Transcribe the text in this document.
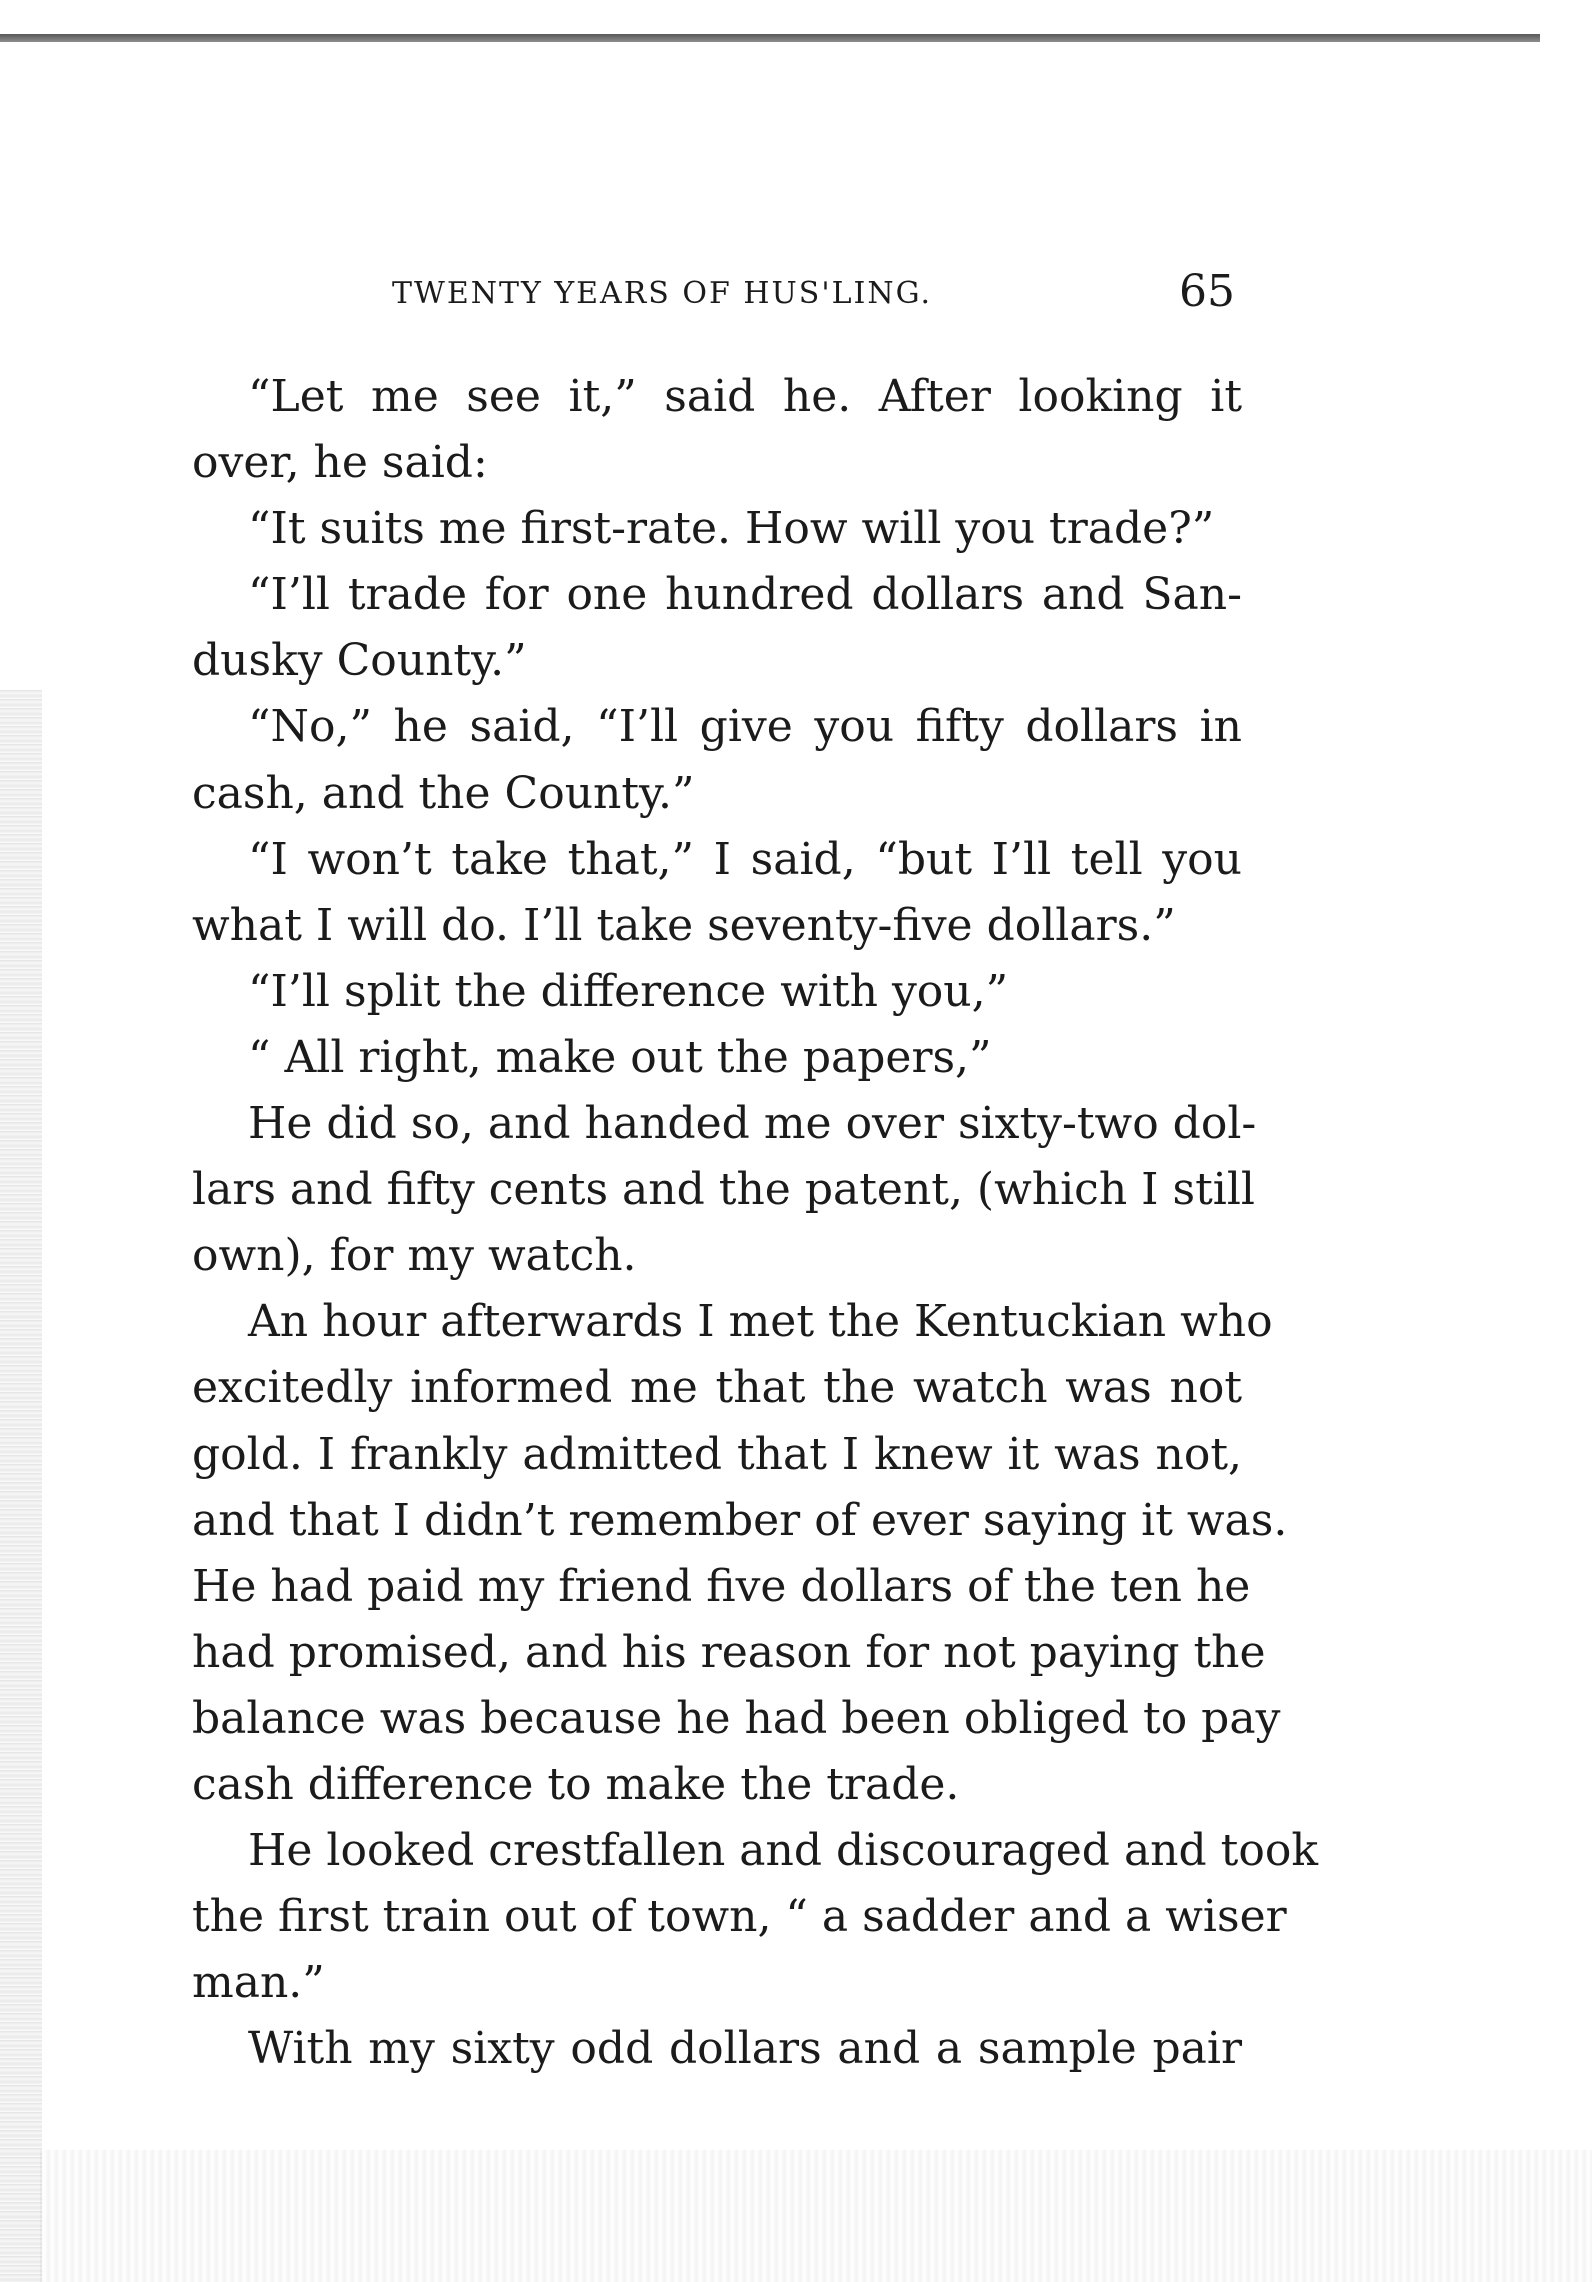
TWENTY YEARS OF HUS'LING.	65
“Let me see it,” said he. After looking it
over, he said:
“It suits me first-rate. How will you trade?”
“I’ll trade for one hundred dollars and San-
dusky County.”
“No,” he said, “I’ll give you fifty dollars in
cash, and the County.”
“I won’t take that,” I said, “but I’ll tell you
what I will do. I’ll take seventy-five dollars.”
“I’ll split the difference with you,”
“ All right, make out the papers,”
He did so, and handed me over sixty-two dol-
lars and fifty cents and the patent, (which I still
own), for my watch.
An hour afterwards I met the Kentuckian who
excitedly informed me that the watch was not
gold. I frankly admitted that I knew it was not,
and that I didn’t remember of ever saying it was.
He had paid my friend five dollars of the ten he
had promised, and his reason for not paying the
balance was because he had been obliged to pay
cash difference to make the trade.
He looked crestfallen and discouraged and took
the first train out of town, “ a sadder and a wiser
man.”
With my sixty odd dollars and a sample pair
